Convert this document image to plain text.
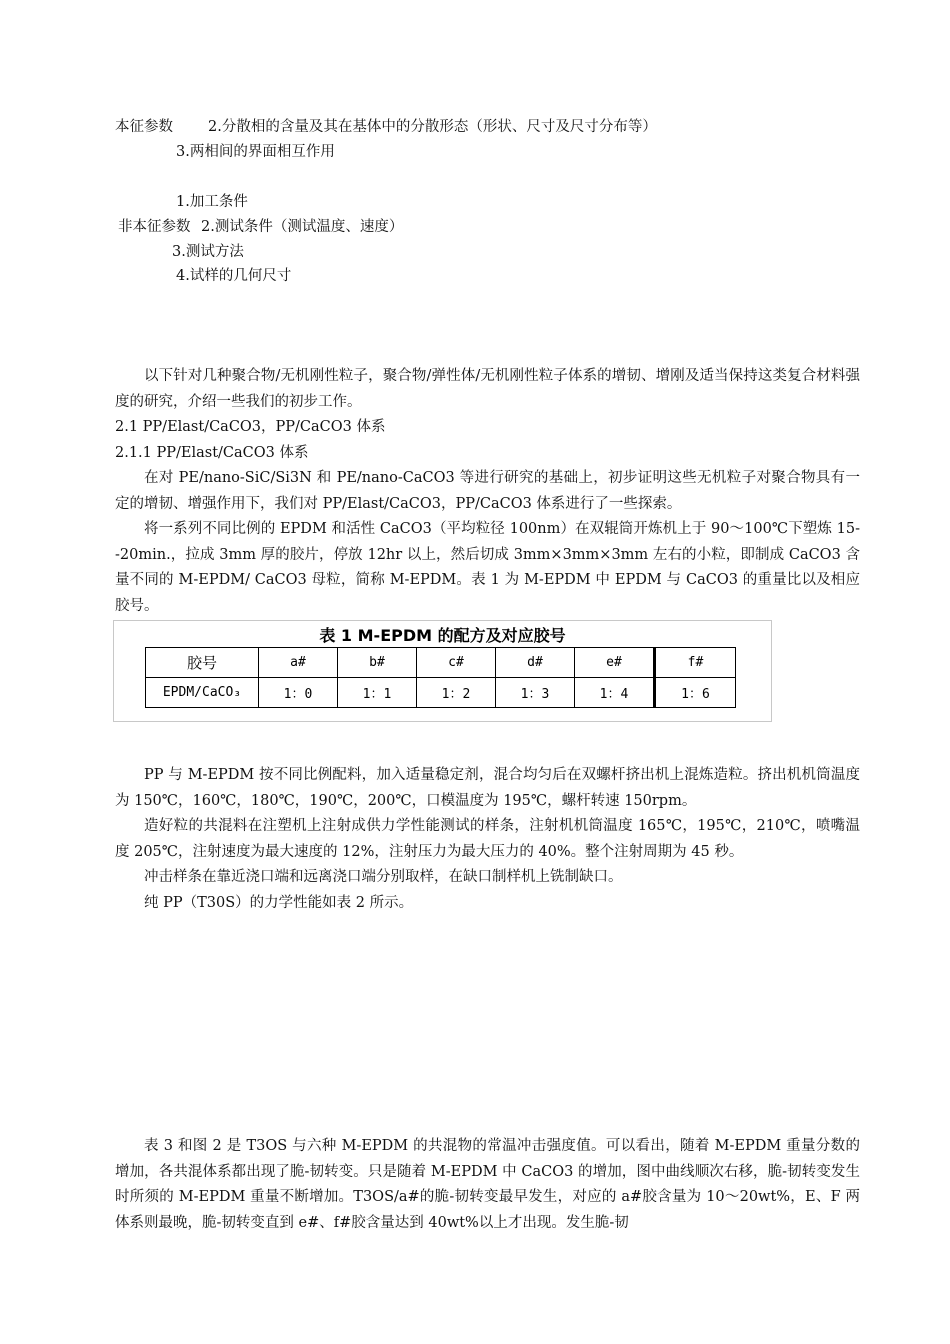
本征参数 2.分散相的含量及其在基体中的分散形态（形状、尺寸及尺寸分布等）
3.两相间的界面相互作用
1.加工条件
非本征参数 2.测试条件（测试温度、速度）
3.测试方法
4.试样的几何尺寸

以下针对几种聚合物/无机刚性粒子，聚合物/弹性体/无机刚性粒子体系的增韧、增刚及适当保持这类复合材料强度的研究，介绍一些我们的初步工作。

2.1 PP/Elast/CaCO3，PP/CaCO3 体系

2.1.1 PP/Elast/CaCO3 体系

在对 PE/nano-SiC/Si3N 和 PE/nano-CaCO3 等进行研究的基础上，初步证明这些无机粒子对聚合物具有一定的增韧、增强作用下，我们对 PP/Elast/CaCO3，PP/CaCO3 体系进行了一些探索。

将一系列不同比例的 EPDM 和活性 CaCO3（平均粒径 100nm）在双辊筒开炼机上于 90～100℃下塑炼 15--20min.，拉成 3mm 厚的胶片，停放 12hr 以上，然后切成 3mm×3mm×3mm 左右的小粒，即制成 CaCO3 含量不同的 M-EPDM/ CaCO3 母粒，简称 M-EPDM。表 1 为 M-EPDM 中 EPDM 与 CaCO3 的重量比以及相应胶号。

表 1 M-EPDM 的配方及对应胶号
胶号	a#	b#	c#	d#	e#	f#
EPDM/CaCO₃	1：0	1：1	1：2	1：3	1：4	1：6

PP 与 M-EPDM 按不同比例配料，加入适量稳定剂，混合均匀后在双螺杆挤出机上混炼造粒。挤出机机筒温度为 150℃，160℃，180℃，190℃，200℃，口模温度为 195℃，螺杆转速 150rpm。

造好粒的共混料在注塑机上注射成供力学性能测试的样条，注射机机筒温度 165℃，195℃，210℃，喷嘴温度 205℃，注射速度为最大速度的 12%，注射压力为最大压力的 40%。整个注射周期为 45 秒。

冲击样条在靠近浇口端和远离浇口端分别取样，在缺口制样机上铣制缺口。

纯 PP（T30S）的力学性能如表 2 所示。

表 3 和图 2 是 T3OS 与六种 M-EPDM 的共混物的常温冲击强度值。可以看出，随着 M-EPDM 重量分数的增加，各共混体系都出现了脆-韧转变。只是随着 M-EPDM 中 CaCO3 的增加，图中曲线顺次右移，脆-韧转变发生时所须的 M-EPDM 重量不断增加。T3OS/a#的脆-韧转变最早发生，对应的 a#胶含量为 10～20wt%，E、F 两体系则最晚，脆-韧转变直到 e#、f#胶含量达到 40wt%以上才出现。发生脆-韧
